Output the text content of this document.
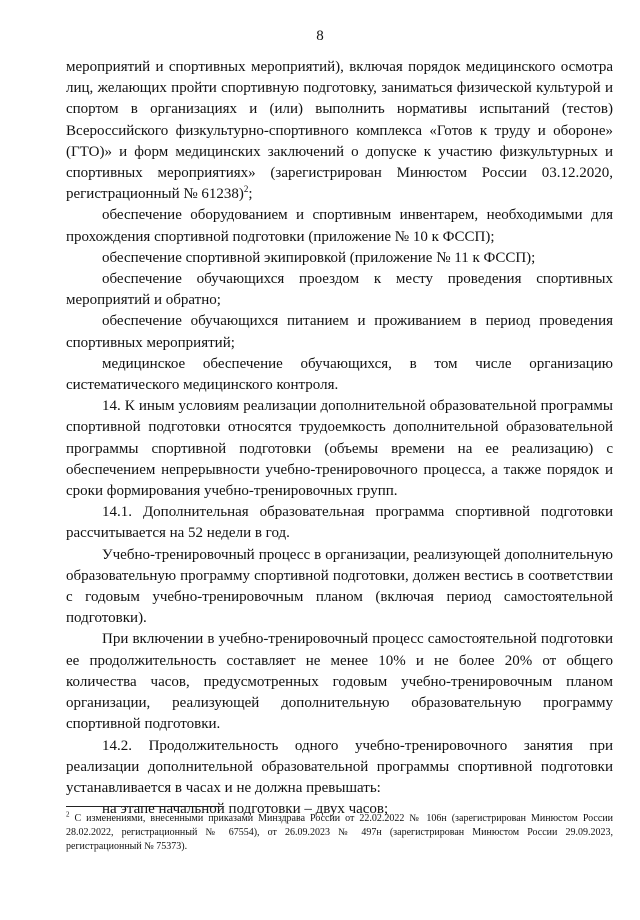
8

мероприятий и спортивных мероприятий), включая порядок медицинского осмотра лиц, желающих пройти спортивную подготовку, заниматься физической культурой и спортом в организациях и (или) выполнить нормативы испытаний (тестов) Всероссийского физкультурно-спортивного комплекса «Готов к труду и обороне» (ГТО)» и форм медицинских заключений о допуске к участию физкультурных и спортивных мероприятиях» (зарегистрирован Минюстом России 03.12.2020, регистрационный № 61238)$^2$;

обеспечение оборудованием и спортивным инвентарем, необходимыми для прохождения спортивной подготовки (приложение № 10 к ФССП);

обеспечение спортивной экипировкой (приложение № 11 к ФССП);

обеспечение обучающихся проездом к месту проведения спортивных мероприятий и обратно;

обеспечение обучающихся питанием и проживанием в период проведения спортивных мероприятий;

медицинское обеспечение обучающихся, в том числе организацию систематического медицинского контроля.

14. К иным условиям реализации дополнительной образовательной программы спортивной подготовки относятся трудоемкость дополнительной образовательной программы спортивной подготовки (объемы времени на ее реализацию) с обеспечением непрерывности учебно-тренировочного процесса, а также порядок и сроки формирования учебно-тренировочных групп.

14.1. Дополнительная образовательная программа спортивной подготовки рассчитывается на 52 недели в год.

Учебно-тренировочный процесс в организации, реализующей дополнительную образовательную программу спортивной подготовки, должен вестись в соответствии с годовым учебно-тренировочным планом (включая период самостоятельной подготовки).

При включении в учебно-тренировочный процесс самостоятельной подготовки ее продолжительность составляет не менее 10% и не более 20% от общего количества часов, предусмотренных годовым учебно-тренировочным планом организации, реализующей дополнительную образовательную программу спортивной подготовки.

14.2. Продолжительность одного учебно-тренировочного занятия при реализации дополнительной образовательной программы спортивной подготовки устанавливается в часах и не должна превышать:

на этапе начальной подготовки – двух часов;

$^2$ С изменениями, внесенными приказами Минздрава России от 22.02.2022 № 106н (зарегистрирован Минюстом России 28.02.2022, регистрационный № 67554), от 26.09.2023 № 497н (зарегистрирован Минюстом России 29.09.2023, регистрационный № 75373).
